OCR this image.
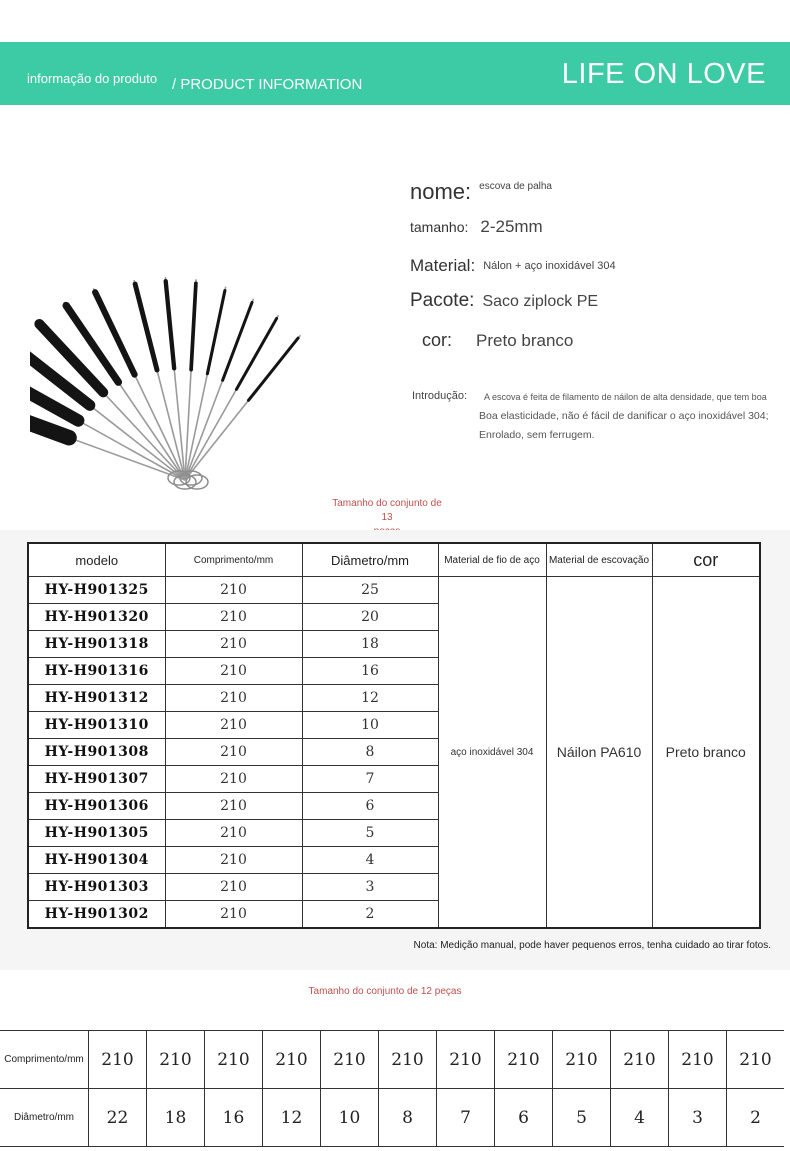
informação do produto / PRODUCT INFORMATION	LIFE ON LOVE
nome: $^{escova de palha}$
tamanho: 2-25mm
Material: Nálon + aço inoxidável 304
Pacote: Saco ziplock PE
cor: Preto branco
Introdução:	A escova é feita de filamento de náilon de alta densidade, que tem boa
Boa elasticidade, não é fácil de danificar o aço inoxidável 304;
Enrolado, sem ferrugem.
Tamanho do conjunto de 13
modelo	Comprimento/mm	Diâmetro/mm	Material de fio de aço	Material de escovação	cor
HY-H901325	210	25	aço inoxidável 304	Náilon PA610	Preto branco
HY-H901320	210	20			
HY-H901318	210	18			
HY-H901316	210	16			
HY-H901312	210	12			
HY-H901310	210	10			
HY-H901308	210	8			
HY-H901307	210	7			
HY-H901306	210	6			
HY-H901305	210	5			
HY-H901304	210	4			
HY-H901303	210	3			
HY-H901302	210	2			
Nota: Medição manual, pode haver pequenos erros, tenha cuidado ao tirar fotos.
Tamanho do conjunto de 12 peças
Comprimento/mm	210	210	210	210	210	210	210	210	210	210	210	210
Diâmetro/mm	22	18	16	12	10	8	7	6	5	4	3	2
